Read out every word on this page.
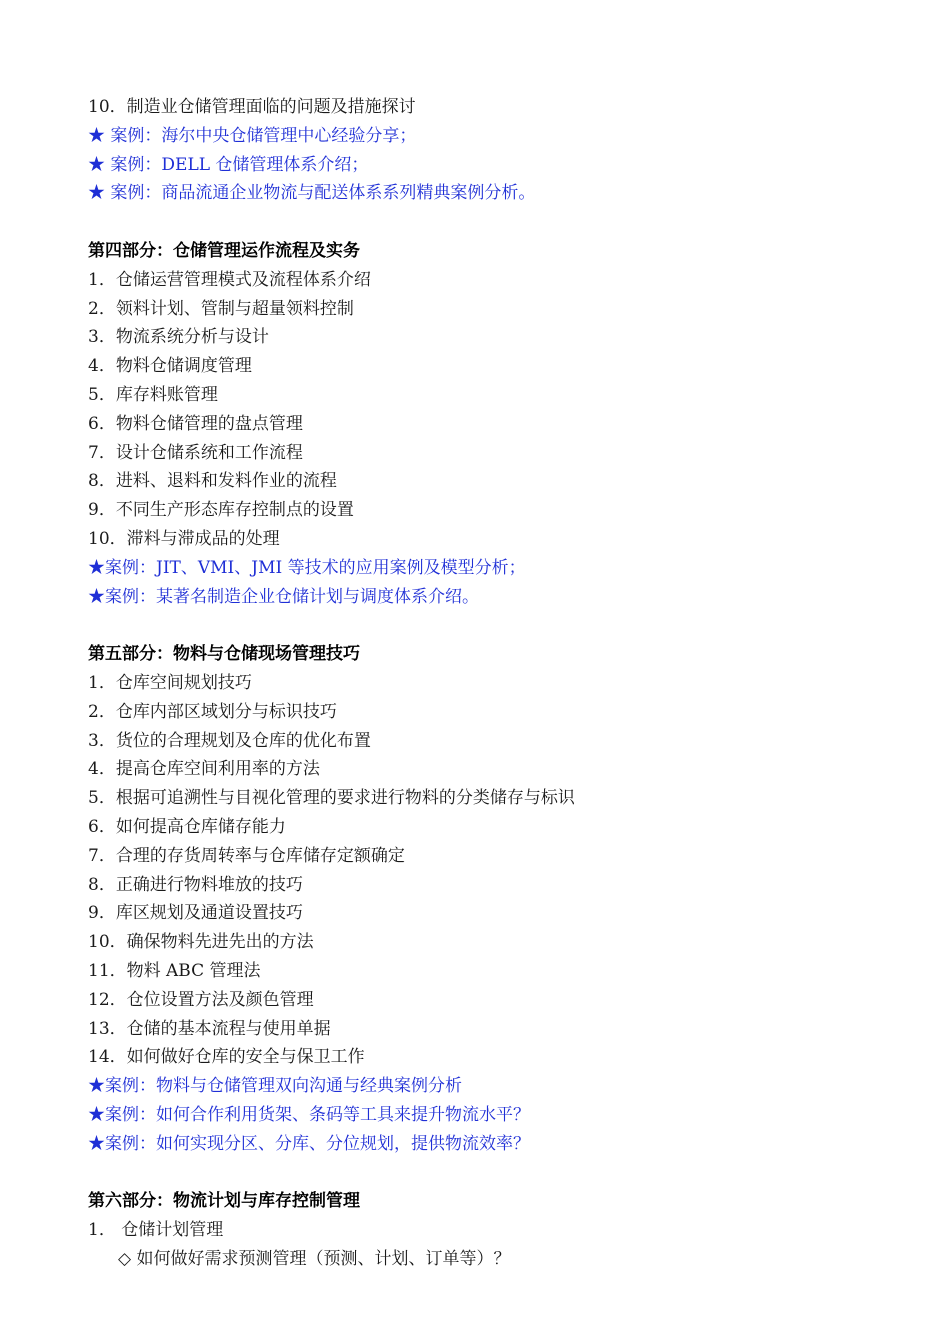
10．制造业仓储管理面临的问题及措施探讨
★ 案例：海尔中央仓储管理中心经验分享；
★ 案例：DELL 仓储管理体系介绍；
★ 案例：商品流通企业物流与配送体系系列精典案例分析。
第四部分：仓储管理运作流程及实务
1．仓储运营管理模式及流程体系介绍
2．领料计划、管制与超量领料控制
3．物流系统分析与设计
4．物料仓储调度管理
5．库存料账管理
6．物料仓储管理的盘点管理
7．设计仓储系统和工作流程
8．进料、退料和发料作业的流程
9．不同生产形态库存控制点的设置
10．滞料与滞成品的处理
★案例：JIT、VMI、JMI 等技术的应用案例及模型分析；
★案例：某著名制造企业仓储计划与调度体系介绍。
第五部分：物料与仓储现场管理技巧
1．仓库空间规划技巧
2．仓库内部区域划分与标识技巧
3．货位的合理规划及仓库的优化布置
4．提高仓库空间利用率的方法
5．根据可追溯性与目视化管理的要求进行物料的分类储存与标识
6．如何提高仓库储存能力
7．合理的存货周转率与仓库储存定额确定
8．正确进行物料堆放的技巧
9．库区规划及通道设置技巧
10．确保物料先进先出的方法
11．物料 ABC 管理法
12．仓位设置方法及颜色管理
13．仓储的基本流程与使用单据
14．如何做好仓库的安全与保卫工作
★案例：物料与仓储管理双向沟通与经典案例分析
★案例：如何合作利用货架、条码等工具来提升物流水平？
★案例：如何实现分区、分库、分位规划，提供物流效率？
第六部分：物流计划与库存控制管理
1． 仓储计划管理
◇ 如何做好需求预测管理（预测、计划、订单等）？
